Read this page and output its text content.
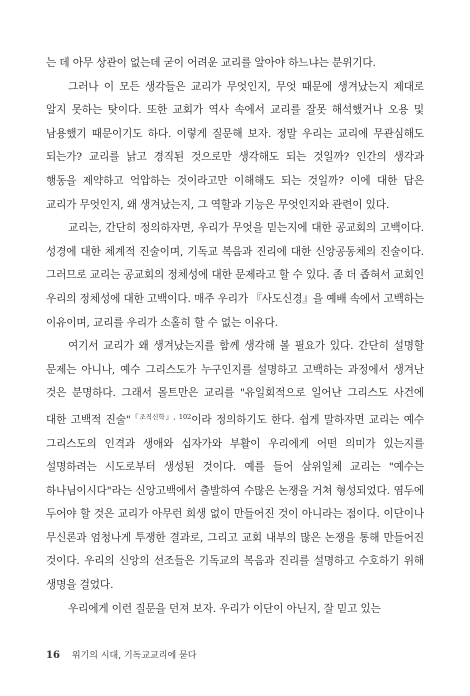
는 데 아무 상관이 없는데 굳이 어려운 교리를 알아야 하느냐는 분위기다.

그러나 이 모든 생각들은 교리가 무엇인지, 무엇 때문에 생겨났는지 제대로 알지 못하는 탓이다. 또한 교회가 역사 속에서 교리를 잘못 해석했거나 오용 및 남용했기 때문이기도 하다. 이렇게 질문해 보자. 정말 우리는 교리에 무관심해도 되는가? 교리를 낡고 경직된 것으로만 생각해도 되는 것일까? 인간의 생각과 행동을 제약하고 억압하는 것이라고만 이해해도 되는 것일까? 이에 대한 답은 교리가 무엇인지, 왜 생겨났는지, 그 역할과 기능은 무엇인지와 관련이 있다.

교리는, 간단히 정의하자면, 우리가 무엇을 믿는지에 대한 공교회의 고백이다. 성경에 대한 체계적 진술이며, 기독교 복음과 진리에 대한 신앙공동체의 진술이다. 그러므로 교리는 공교회의 정체성에 대한 문제라고 할 수 있다. 좀 더 좁혀서 교회인 우리의 정체성에 대한 고백이다. 매주 우리가 『사도신경』을 예배 속에서 고백하는 이유이며, 교리를 우리가 소홀히 할 수 없는 이유다.

여기서 교리가 왜 생겨났는지를 함께 생각해 볼 필요가 있다. 간단히 설명할 문제는 아니나, 예수 그리스도가 누구인지를 설명하고 고백하는 과정에서 생겨난 것은 분명하다. 그래서 몰트만은 교리를 "유일회적으로 일어난 그리스도 사건에 대한 고백적 진술"$^{『조직신학』, 102}$이라 정의하기도 한다. 쉽게 말하자면 교리는 예수 그리스도의 인격과 생애와 십자가와 부활이 우리에게 어떤 의미가 있는지를 설명하려는 시도로부터 생성된 것이다. 예를 들어 삼위일체 교리는 "예수는 하나님이시다"라는 신앙고백에서 출발하여 수많은 논쟁을 거쳐 형성되었다. 염두에 두어야 할 것은 교리가 아무런 희생 없이 만들어진 것이 아니라는 점이다. 이단이나 무신론과 엄청나게 투쟁한 결과로, 그리고 교회 내부의 많은 논쟁을 통해 만들어진 것이다. 우리의 신앙의 선조들은 기독교의 복음과 진리를 설명하고 수호하기 위해 생명을 걸었다.

우리에게 이런 질문을 던져 보자. 우리가 이단이 아닌지, 잘 믿고 있는

16 위기의 시대, 기독교교리에 묻다
